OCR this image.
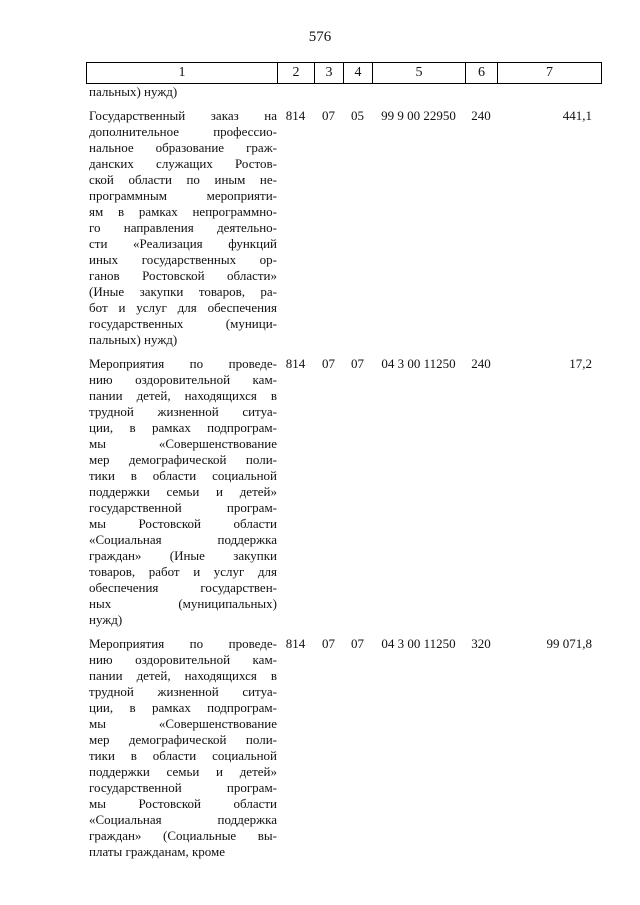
576
1	2	3	4	5	6	7

пальных) нужд)

Государственный заказ на
дополнительное профессио-
нальное образование граж-
данских служащих Ростов-
ской области по иным не-
программным мероприяти-
ям в рамках непрограммно-
го направления деятельно-
сти «Реализация функций
иных государственных ор-
ганов Ростовской области»
(Иные закупки товаров, ра-
бот и услуг для обеспечения
государственных (муници-
пальных) нужд)

814	07	05	99 9 00 22950	240	441,1

Мероприятия по проведе-
нию оздоровительной кам-
пании детей, находящихся в
трудной жизненной ситуа-
ции, в рамках подпрограм-
мы «Совершенствование
мер демографической поли-
тики в области социальной
поддержки семьи и детей»
государственной програм-
мы Ростовской области
«Социальная поддержка
граждан» (Иные закупки
товаров, работ и услуг для
обеспечения государствен-
ных (муниципальных)
нужд)

814	07	07	04 3 00 11250	240	17,2

Мероприятия по проведе-
нию оздоровительной кам-
пании детей, находящихся в
трудной жизненной ситуа-
ции, в рамках подпрограм-
мы «Совершенствование
мер демографической поли-
тики в области социальной
поддержки семьи и детей»
государственной програм-
мы Ростовской области
«Социальная поддержка
граждан» (Социальные вы-
платы гражданам, кроме

814	07	07	04 3 00 11250	320	99 071,8
